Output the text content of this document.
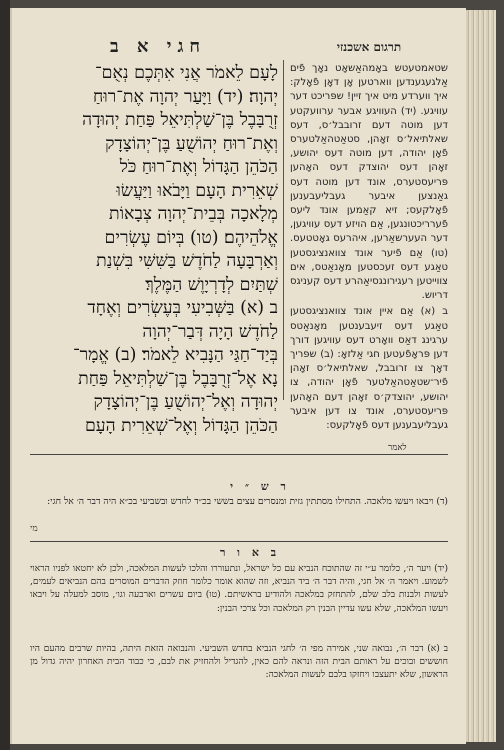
חגי א ב	תרגום אשכנזי

לָעָם לֵאמֹר אֲנִי אִתְּכֶם נְאֻם־

יְהוָה׃ (יד) וַיָּעַר יְהוָה אֶת־רוּחַ

זְרֻבָּבֶל בֶּן־שַׁלְתִּיאֵל פַּחַת יְהוּדָה

וְאֶת־רוּחַ יְהוֹשֻׁעַ בֶּן־יְהוֹצָדָק

הַכֹּהֵן הַגָּדוֹל וְאֶת־רוּחַ כֹּל

שְׁאֵרִית הָעָם וַיָּבֹאוּ וַיַּעֲשׂוּ

מְלָאכָה בְּבֵית־יְהוָה צְבָאוֹת

אֱלֹהֵיהֶם׃ (טו) בְּיוֹם עֶשְׂרִים

וְאַרְבָּעָה לַחֹדֶשׁ בַּשִּׁשִּׁי בִּשְׁנַת

שְׁתַּיִם לְדָרְיָוֶשׁ הַמֶּלֶךְ׃

ב (א) בַּשְּׁבִיעִי בְּעֶשְׂרִים וְאֶחָד

לַחֹדֶשׁ הָיָה דְּבַר־יְהוָה

בְּיַד־חַגַּי הַנָּבִיא לֵאמֹר׃ (ב) אֱמָר־

נָא אֶל־זְרֻבָּבֶל בֶּן־שַׁלְתִּיאֵל פַּחַת

יְהוּדָה וְאֶל־יְהוֹשֻׁעַ בֶּן־יְהוֹצָדָק

הַכֹּהֵן הַגָּדוֹל וְאֶל־שְׁאֵרִית הָעָם

שטאמטעטש באָמהאַשאָט נאָך פֿים אַלגעגענדען ווארטען אָן דאָן פֿאָלק: איך ווערדע מיט איך זיין! שפּריכט דער עוויגע. (יד) העוויגע אבער ערוועקטע דען מוטה דעם זרובבל׳ס, דעס ‫שאלתיאל׳ס זאָהן, סטאַטהאַלטערס פֿאָן יהודה, דען מוטה דעס יהושע, זאָהן דעס יהוצדק דעס האָהען פּריעסטערס, אונד דען מוטה דעס גאַנצען איבער געבליעבענען פֿאָלקעס; זיא קאַמען אונד ליעס פֿערריכטונגען, אַם הויזע דעס עוויגען, דער העערשאַרען, איהרעס גאָטטעס. (טו) אַם פֿיער אונד צוואנציגסטען טאַגע דעס זעכסטען מאָנאַטס, אים צווייטען רעגירונגסיאַהרע דעס קעניגס דריוש.

ב (א) אַם איין אונד צוואנציגסטען טאַגע דעס זיעבענטען מאָנאַטס ערגינג דאַס וואָרט דעס עוויגען דורך דען פּראָפֿעטען חגי אַלזאָ: (ב) שפּריך דאָך צו זרובבל, שאלתיאל׳ס זאָהן פֿיר־שטאַטהאַלטער פֿאָן יהודה, צו יהושע, יהוצדק׳ס זאָהן דעם האָהען פּריעסטערס, אונד צו דען איבער געבליעבענען דעס פֿאָלקעס:

לאמר
ר ש ״ י

(ד) ויבאו ויעשו מלאכה. התחילו מסתתין גזית ומנסרים עצים בששי בכ״ד לחדש ובשביעי בכ״א היה דבר ה׳ אל חגי:

מי
ב א ו ר

(יד) ויער ה׳, כלומר ע״י זה שהתוכח הנביא עם כל ישראל, ונתעוררו והלכו לעשות המלאכה, ולכן לא יחטאו לפניו הראוי לשמוע. ויאמר ה׳ אל חגי, והיה דבר ה׳ ביד הנביא, וזה שהוא אומר כלומר חוזק הדברים המוסרים בהם הנביאים לעמים, לעשות ולבנות בלב שלם, להתחזק במלאכה ולהודיע בראשיתם. (טו) ביום עשרים וארבעה וגו׳, מוסב למעלה על ויבאו ויעשו המלאכה, שלא עשו עדיין הבנין רק המלאכה וכל צרכי הבנין:

ב (א) דבר ה׳, נבואה שני, אמירה מפי ה׳ לחגי הנביא בחדש השביעי. והנבואה הזאת היתה, בהיות שרבים מהעם היו חוששים ובוכים על ראותם הבית הזה ונראה להם כאין, להגדיל ולהחזיק את לבם, כי כבוד הבית האחרון יהיה גדול מן הראשון, שלא יתעצבו ויחזקו בלבם לעשות המלאכה:
